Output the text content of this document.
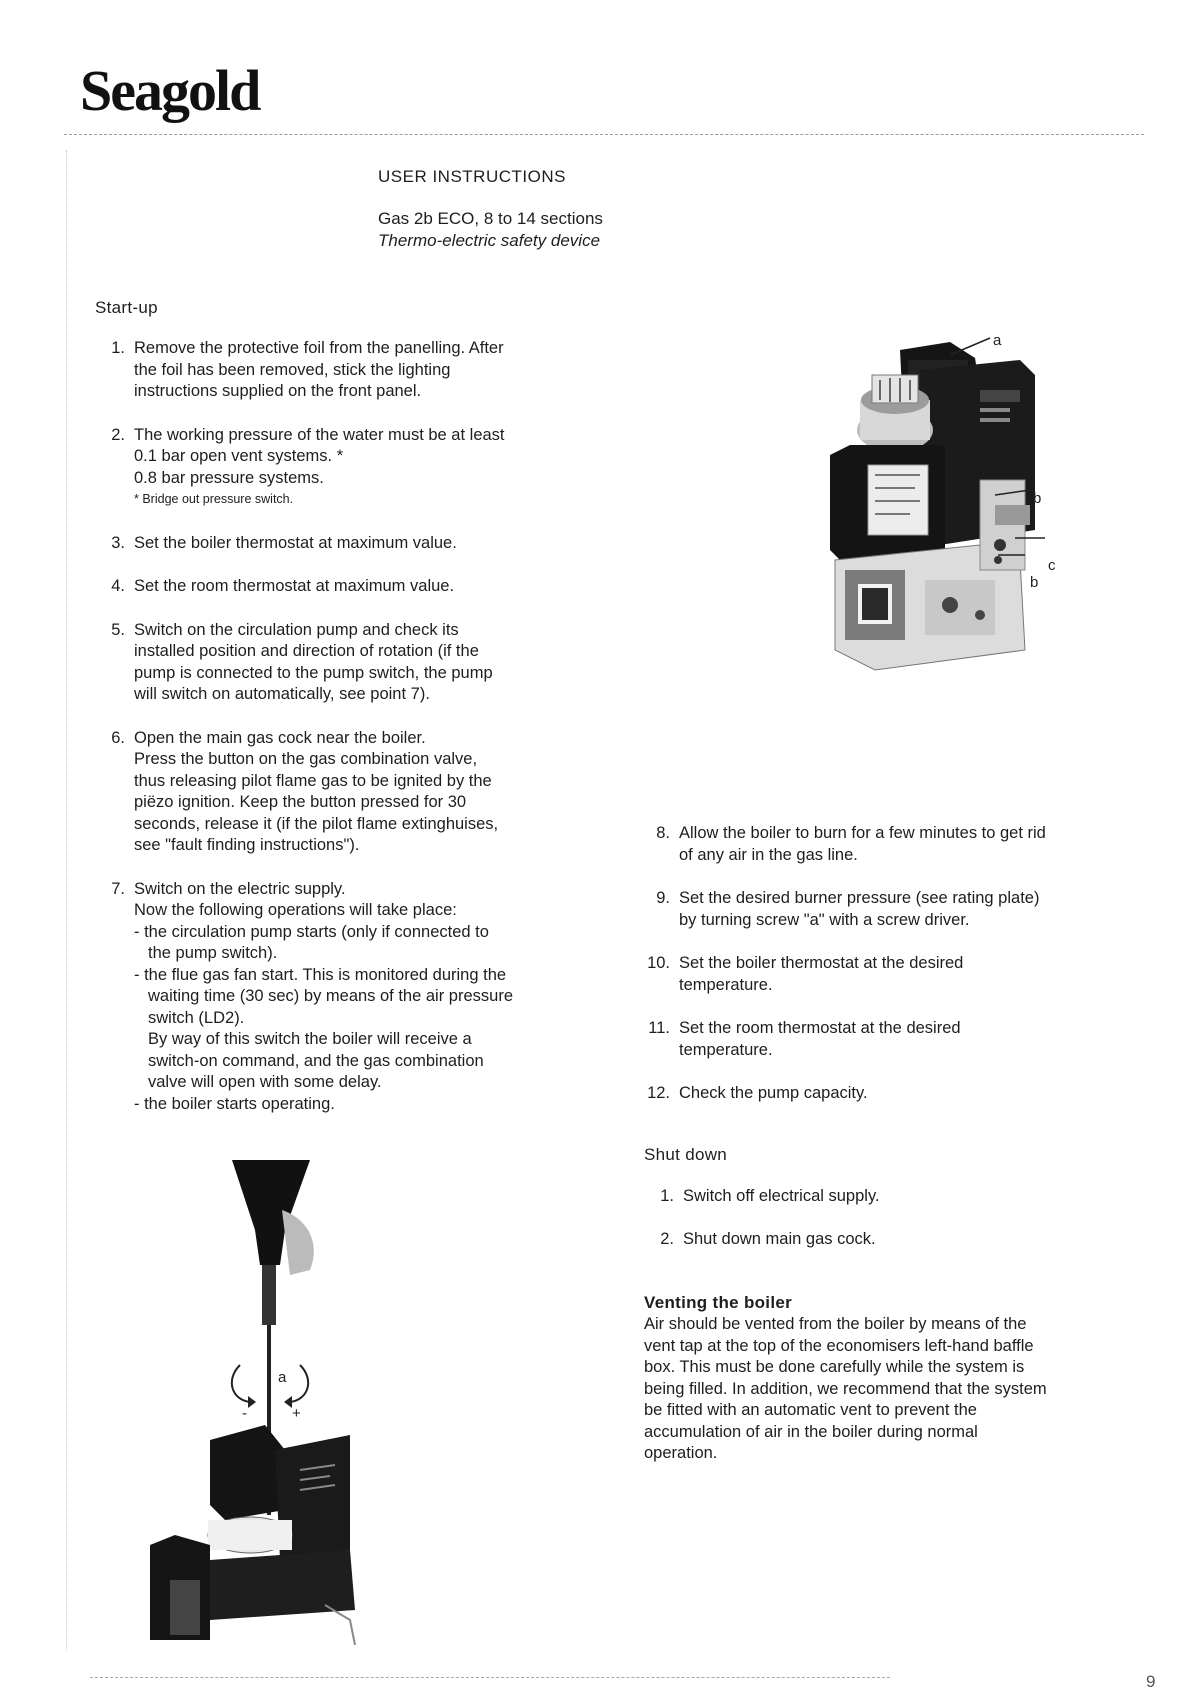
Seagold
USER INSTRUCTIONS
Gas 2b ECO, 8 to 14 sections
Thermo-electric safety device
Start-up
1. Remove the protective foil from the panelling. After
the foil has been removed, stick the lighting
instructions supplied on the front panel.
2. The working pressure of the water must be at least
0.1 bar open vent systems. *
0.8 bar pressure systems.
* Bridge out pressure switch.
3. Set the boiler thermostat at maximum value.
4. Set the room thermostat at maximum value.
5. Switch on the circulation pump and check its
installed position and direction of rotation (if the
pump is connected to the pump switch, the pump
will switch on automatically, see point 7).
6. Open the main gas cock near the boiler.
Press the button on the gas combination valve,
thus releasing pilot flame gas to be ignited by the
piëzo ignition. Keep the button pressed for 30
seconds, release it (if the pilot flame extinghuises,
see "fault finding instructions").
7. Switch on the electric supply.
Now the following operations will take place:
- the circulation pump starts (only if connected to
the pump switch).
- the flue gas fan start. This is monitored during the
waiting time (30 sec) by means of the air pressure
switch (LD2).
By way of this switch the boiler will receive a
switch-on command, and the gas combination
valve will open with some delay.
- the boiler starts operating.
8. Allow the boiler to burn for a few minutes to get rid
of any air in the gas line.
9. Set the desired burner pressure (see rating plate)
by turning screw "a" with a screw driver.
10. Set the boiler thermostat at the desired
temperature.
11. Set the room thermostat at the desired
temperature.
12. Check the pump capacity.
Shut down
1. Switch off electrical supply.
2. Shut down main gas cock.
Venting the boiler
Air should be vented from the boiler by means of the
vent tap at the top of the economisers left-hand baffle
box. This must be done carefully while the system is
being filled. In addition, we recommend that the system
be fitted with an automatic vent to prevent the
accumulation of air in the boiler during normal
operation.
a
b
c
b
a
-	+
9
